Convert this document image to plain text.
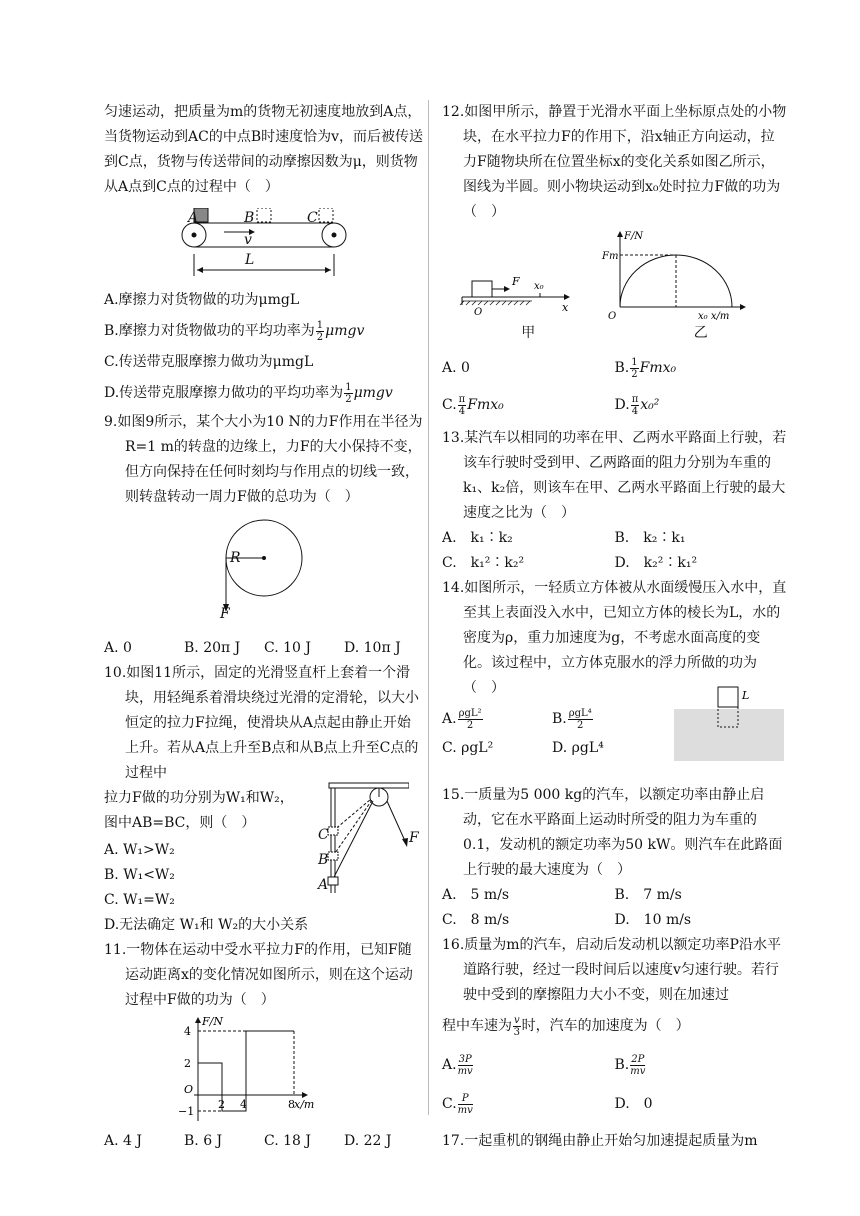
匀速运动，把质量为m的货物无初速度地放到A点，当货物运动到AC的中点B时速度恰为v，而后被传送到C点，货物与传送带间的动摩擦因数为μ，则货物从A点到C点的过程中（　）

A	B	C
v
L

A.摩擦力对货物做的功为μmgL

B.摩擦力对货物做功的平均功率为 $\frac{1}{2}$ μmgv

C.传送带克服摩擦力做功为μmgL

D.传送带克服摩擦力做功的平均功率为 $\frac{1}{2}$ μmgv

9.如图9所示，某个大小为10 N的力F作用在半径为R=1 m的转盘的边缘上，力F的大小保持不变，但方向保持在任何时刻均与作用点的切线一致，则转盘转动一周力F做的总功为（　）

R
F
A. 0	B. 20π J	C. 10 J	D. 10π J

10.如图11所示，固定的光滑竖直杆上套着一个滑块，用轻绳系着滑块绕过光滑的定滑轮，以大小恒定的拉力F拉绳，使滑块从A点起由静止开始上升。若从A点上升至B点和从B点上升至C点的过程中

拉力F做的功分别为W₁和W₂，图中AB=BC，则（　）

C
B
A
F

A. W₁>W₂

B. W₁<W₂

C. W₁=W₂

D.无法确定 W₁和 W₂的大小关系

11.一物体在运动中受水平拉力F的作用，已知F随运动距离x的变化情况如图所示，则在这个运动过程中F做的功为（　）

4
2
O
−1
2 4	8 x/m
F/N
A. 4 J	B. 6 J	C. 18 J	D. 22 J

12.如图甲所示，静置于光滑水平面上坐标原点处的小物块，在水平拉力F的作用下，沿x轴正方向运动，拉力F随物块所在位置坐标x的变化关系如图乙所示，图线为半圆。则小物块运动到x₀处时拉力F做的功为（　）

F x₀
x
O
F/N
Fm
O	x₀ x/m
甲	乙
A. 0	B. $\frac{1}{2} Fmx_0$
C. $\frac{\pi}{4} Fmx_0$	D. $\frac{\pi}{4} x_0^2$

13.某汽车以相同的功率在甲、乙两水平路面上行驶，若该车行驶时受到甲、乙两路面的阻力分别为车重的k₁、k₂倍，则该车在甲、乙两水平路面上行驶的最大速度之比为（　）

A.　k₁∶k₂	B.　k₂∶k₁
C.　k₁²∶k₂²	D.　k₂²∶k₁²

14.如图所示，一轻质立方体被从水面缓慢压入水中，直至其上表面没入水中，已知立方体的棱长为L，水的密度为ρ，重力加速度为g，不考虑水面高度的变化。该过程中，立方体克服水的浮力所做的功为（　）

A. $\frac{\text{ρgL²}}{2}$	B. $\frac{\text{ρgL⁴}}{2}$
C. ρgL²	D. ρgL⁴
L

15.一质量为5 000 kg的汽车，以额定功率由静止启动，它在水平路面上运动时所受的阻力为车重的0.1，发动机的额定功率为50 kW。则汽车在此路面上行驶的最大速度为（　）

A.　5 m/s	B.　7 m/s
C.　8 m/s	D.　10 m/s

16.质量为m的汽车，启动后发动机以额定功率P沿水平道路行驶，经过一段时间后以速度v匀速行驶。若行驶中受到的摩擦阻力大小不变，则在加速过

程中车速为 $\frac{v}{3}$ 时，汽车的加速度为（　）

A. $\frac{3P}{mv}$	B. $\frac{2P}{mv}$
C. $\frac{P}{mv}$	D.　0

17.一起重机的钢绳由静止开始匀加速提起质量为m
